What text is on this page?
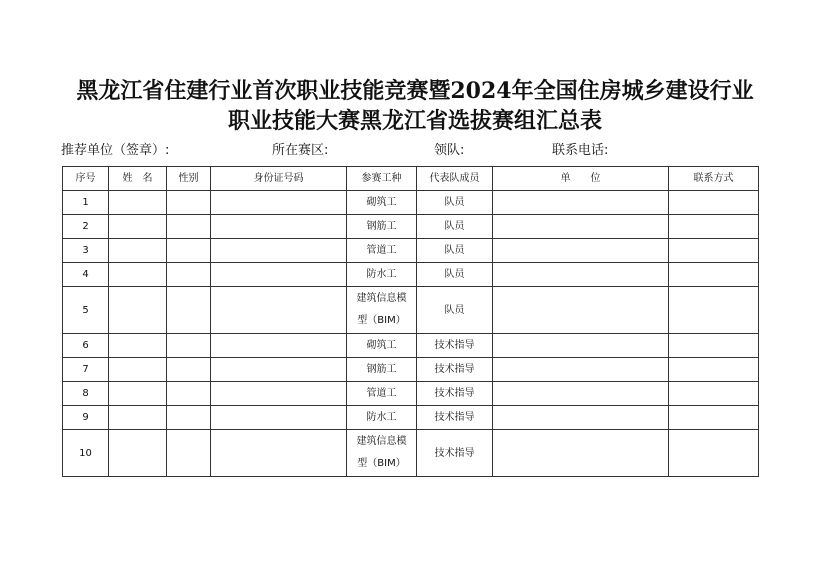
黑龙江省住建行业首次职业技能竞赛暨2024年全国住房城乡建设行业
职业技能大赛黑龙江省选拔赛组汇总表
推荐单位（签章）:	所在赛区:	领队:	联系电话:
序号	姓　名	性别	身份证号码	参赛工种	代表队成员	单　　位	联系方式
1				砌筑工	队员		
2				钢筋工	队员		
3				管道工	队员		
4				防水工	队员		
5				建筑信息模
型（BIM）	队员		
6				砌筑工	技术指导		
7				钢筋工	技术指导		
8				管道工	技术指导		
9				防水工	技术指导		
10				建筑信息模
型（BIM）	技术指导		
